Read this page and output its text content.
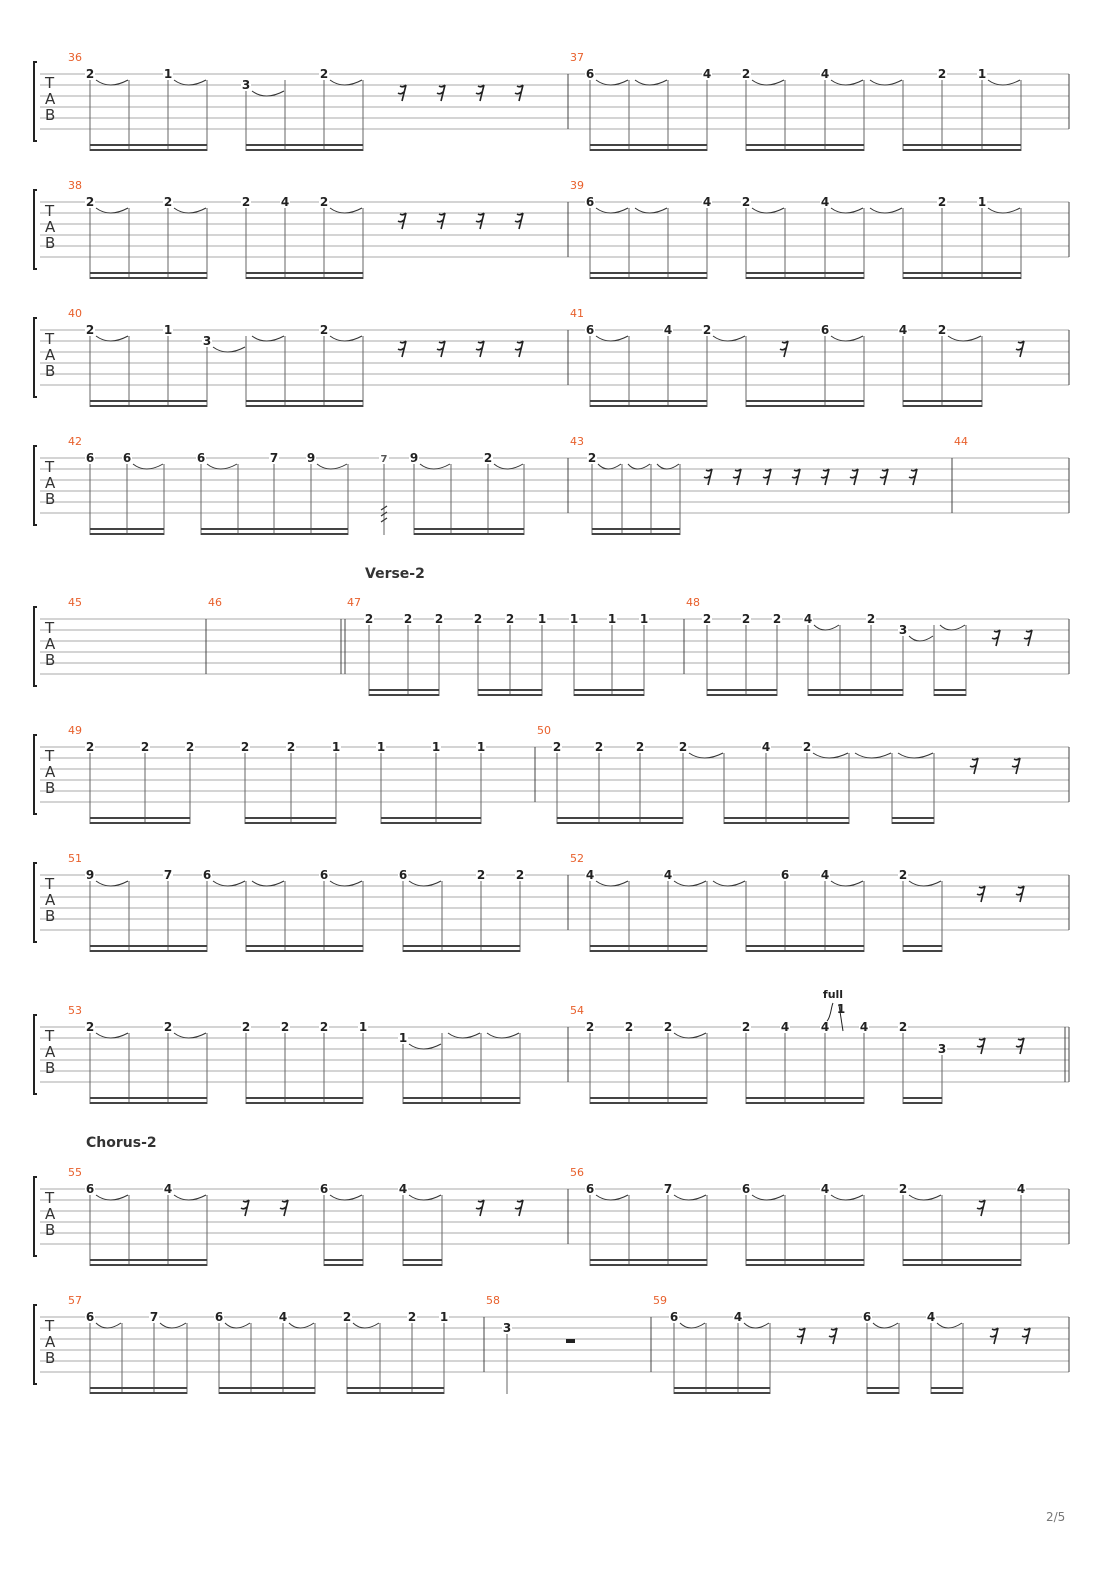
T
A
B
36
2	1
3
2
37
6	4	2	4	2	1
T
A
B
38
2	2	2	4	2
39
6	4	2	4	2	1
T
A
B
40
2	1
3
2
41
6	4	2	6	4	2
T
A
B
42
6 6	6	7 9	7 9	2
43
2
44
T
A
B
45	46	47
2	2 2	2 2 1 1 1 1
48
2	2 2 4	2
3
T
A
B
49
2	2	2	2	2	1	1	1	1
50
2	2	2	2	4	2
T
A
B
51
9	7	6	6	6	2	2
52
4	4	6	4	2
T
A
B
53
2	2	2	2	2	1
1
54
2	2	2	2	4	4
full
1
4	2
3
T
A
B
55
6	4	6	4
56
6	7	6	4	2	4
T
A
B
57
6	7	6	4	2	2 1
58
3
59
6	4	6	4
Verse-2
Chorus-2
2/5
